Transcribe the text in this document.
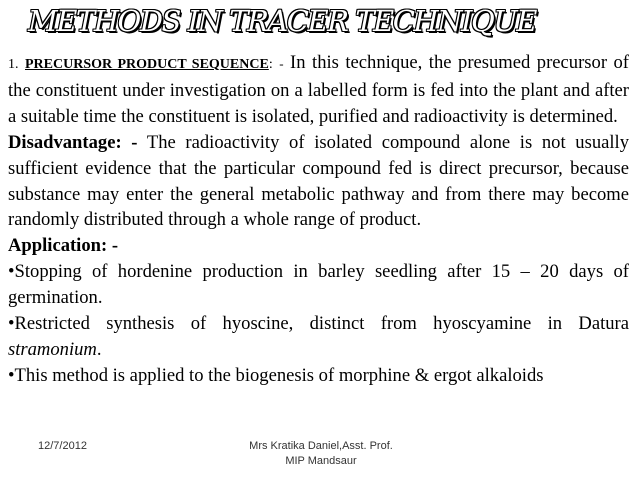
METHODS IN TRACER TECHNIQUE

1. PRECURSOR PRODUCT SEQUENCE: - In this technique, the presumed precursor of the constituent under investigation on a labelled form is fed into the plant and after a suitable time the constituent is isolated, purified and radioactivity is determined.

Disadvantage: - The radioactivity of isolated compound alone is not usually sufficient evidence that the particular compound fed is direct precursor, because substance may enter the general metabolic pathway and from there may become randomly distributed through a whole range of product.

Application: -

•Stopping of hordenine production in barley seedling after 15 – 20 days of germination.

•Restricted synthesis of hyoscine, distinct from hyoscyamine in Datura stramonium.

•This method is applied to the biogenesis of morphine & ergot alkaloids

12/7/2012	Mrs Kratika Daniel,Asst. Prof.
MIP Mandsaur
